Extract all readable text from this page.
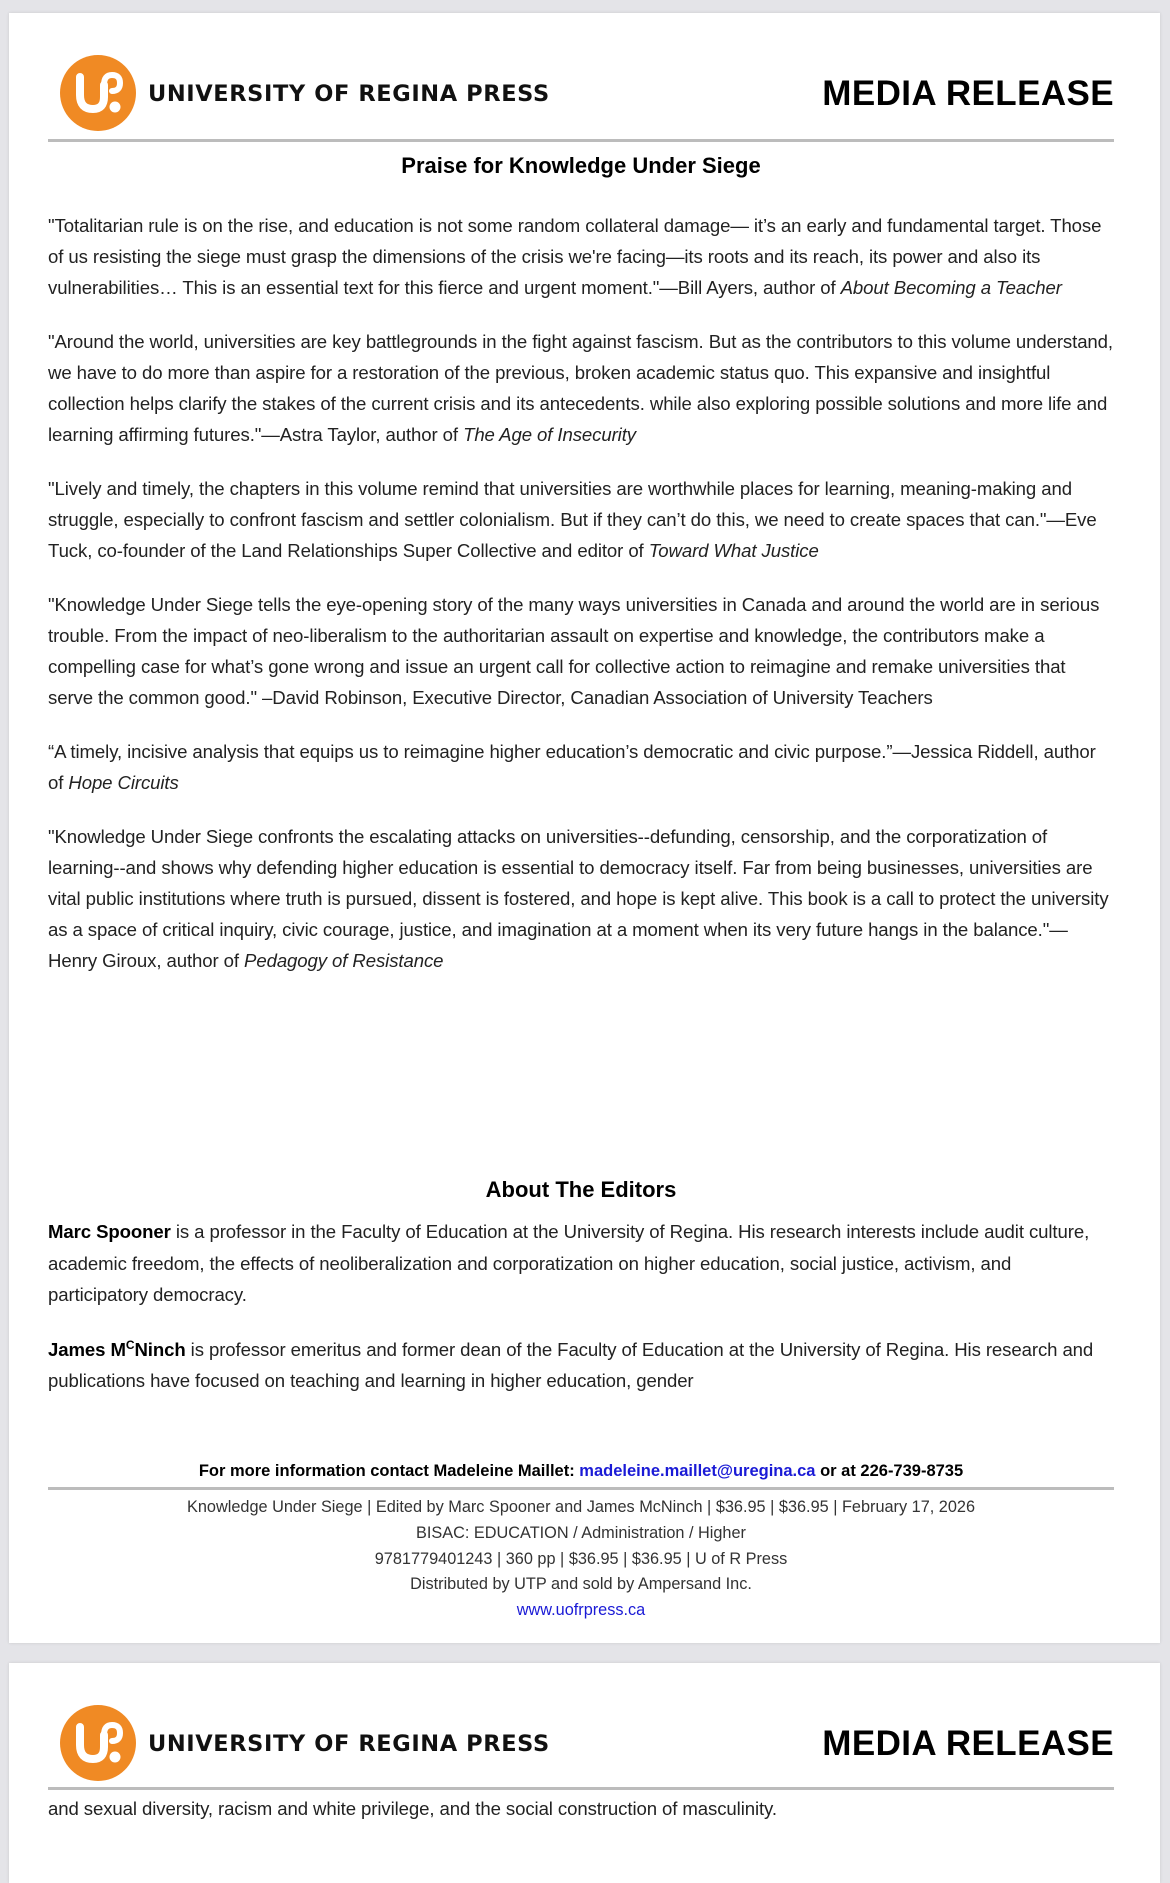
UNIVERSITY OF REGINA PRESS	MEDIA RELEASE
Praise for Knowledge Under Siege

"Totalitarian rule is on the rise, and education is not some random collateral damage— it’s an early and fundamental target. Those of us resisting the siege must grasp the dimensions of the crisis we're facing—its roots and its reach, its power and also its vulnerabilities… This is an essential text for this fierce and urgent moment."—Bill Ayers, author of About Becoming a Teacher

"Around the world, universities are key battlegrounds in the fight against fascism. But as the contributors to this volume understand, we have to do more than aspire for a restoration of the previous, broken academic status quo. This expansive and insightful collection helps clarify the stakes of the current crisis and its antecedents. while also exploring possible solutions and more life and learning affirming futures."—Astra Taylor, author of The Age of Insecurity

"Lively and timely, the chapters in this volume remind that universities are worthwhile places for learning, meaning-making and struggle, especially to confront fascism and settler colonialism. But if they can’t do this, we need to create spaces that can."—Eve Tuck, co-founder of the Land Relationships Super Collective and editor of Toward What Justice

"Knowledge Under Siege tells the eye-opening story of the many ways universities in Canada and around the world are in serious trouble. From the impact of neo-liberalism to the authoritarian assault on expertise and knowledge, the contributors make a compelling case for what’s gone wrong and issue an urgent call for collective action to reimagine and remake universities that serve the common good." –David Robinson, Executive Director, Canadian Association of University Teachers

“A timely, incisive analysis that equips us to reimagine higher education’s democratic and civic purpose.”—Jessica Riddell, author of Hope Circuits

"Knowledge Under Siege confronts the escalating attacks on universities--defunding, censorship, and the corporatization of learning--and shows why defending higher education is essential to democracy itself. Far from being businesses, universities are vital public institutions where truth is pursued, dissent is fostered, and hope is kept alive. This book is a call to protect the university as a space of critical inquiry, civic courage, justice, and imagination at a moment when its very future hangs in the balance."—Henry Giroux, author of Pedagogy of Resistance

About The Editors

Marc Spooner is a professor in the Faculty of Education at the University of Regina. His research interests include audit culture, academic freedom, the effects of neoliberalization and corporatization on higher education, social justice, activism, and participatory democracy.

James $M^CNinch$ is professor emeritus and former dean of the Faculty of Education at the University of Regina. His research and publications have focused on teaching and learning in higher education, gender

For more information contact Madeleine Maillet: madeleine.maillet@uregina.ca or at 226-739-8735
Knowledge Under Siege | Edited by Marc Spooner and James McNinch | $36.95 | $36.95 | February 17, 2026
BISAC: EDUCATION / Administration / Higher
9781779401243 | 360 pp | $36.95 | $36.95 | U of R Press
Distributed by UTP and sold by Ampersand Inc.
www.uofrpress.ca
UNIVERSITY OF REGINA PRESS	MEDIA RELEASE

and sexual diversity, racism and white privilege, and the social construction of masculinity.
